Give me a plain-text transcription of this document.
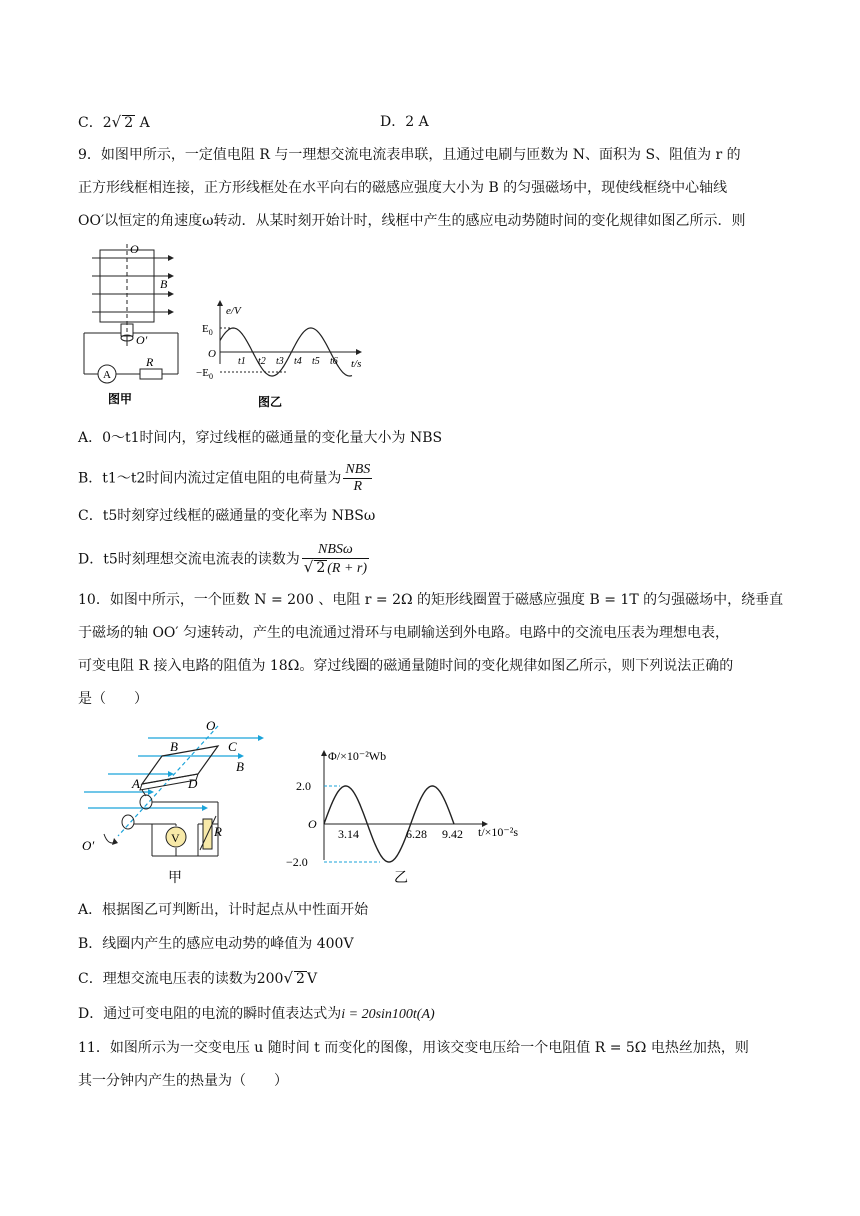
C．2√ 2 A	D．2 A
9．如图甲所示，一定值电阻 R 与一理想交流电流表串联，且通过电刷与匝数为 N、面积为 S、阻值为 r 的
正方形线框相连接，正方形线框处在水平向右的磁感应强度大小为 B 的匀强磁场中，现使线框绕中心轴线
OO′以恒定的角速度ω转动．从某时刻开始计时，线框中产生的感应电动势随时间的变化规律如图乙所示．则
O
B
O′
R
A
图甲
t1 t2 t3 t4 t5 t6
e/V
t/s
$E_0$
$-E_0$
O
图乙
A．0～t1时间内，穿过线框的磁通量的变化量大小为 NBS
B．t1～t2时间内流过定值电阻的电荷量为 $\frac{\text{NBS}}{R}$
C．t5时刻穿过线框的磁通量的变化率为 NBSω
D．t5时刻理想交流电流表的读数为 $\frac{\text{NBSω}}{√ 2 (R + r)}$
10．如图中所示，一个匝数 N = 200 、电阻 r = 2Ω 的矩形线圈置于磁感应强度 B = 1T 的匀强磁场中，绕垂直
于磁场的轴 OO′ 匀速转动，产生的电流通过滑环与电刷输送到外电路。电路中的交流电压表为理想电表，
可变电阻 R 接入电路的阻值为 18Ω。穿过线圈的磁通量随时间的变化规律如图乙所示，则下列说法正确的
是（　　）
O
B	C
B
A	D
V	R
O′
甲
Φ/×10⁻²Wb
t/×10⁻²s
2.0
−2.0
O
3.14	6.28 9.42
乙
A．根据图乙可判断出，计时起点从中性面开始
B．线圈内产生的感应电动势的峰值为 400V
C．理想交流电压表的读数为200√ 2 V
D．通过可变电阻的电流的瞬时值表达式为i = 20sin100t(A)
11．如图所示为一交变电压 u 随时间 t 而变化的图像，用该交变电压给一个电阻值 R = 5Ω 电热丝加热，则
其一分钟内产生的热量为（　　）
